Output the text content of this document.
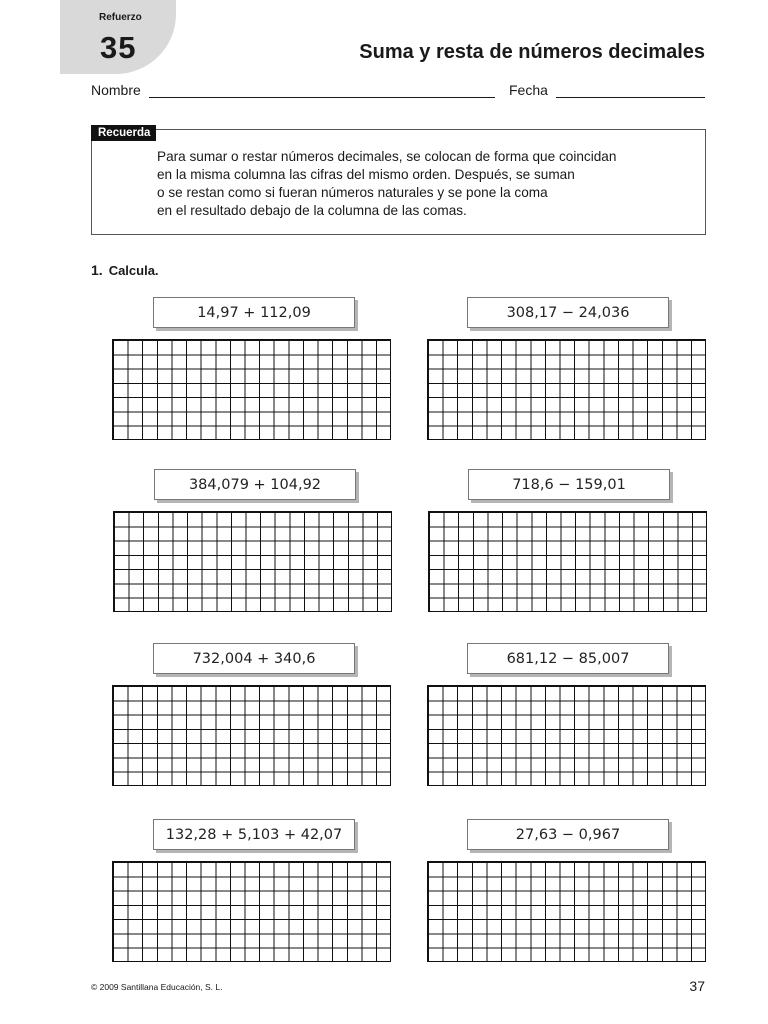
Refuerzo
35	Suma y resta de números decimales
Nombre	Fecha
Recuerda
Para sumar o restar números decimales, se colocan de forma que coincidan
en la misma columna las cifras del mismo orden. Después, se suman
o se restan como si fueran números naturales y se pone la coma
en el resultado debajo de la columna de las comas.
1. Calcula.
14,97 + 112,09	308,17 − 24,036
384,079 + 104,92	718,6 − 159,01
732,004 + 340,6	681,12 − 85,007
132,28 + 5,103 + 42,07	27,63 − 0,967
© 2009 Santillana Educación, S. L.	37
